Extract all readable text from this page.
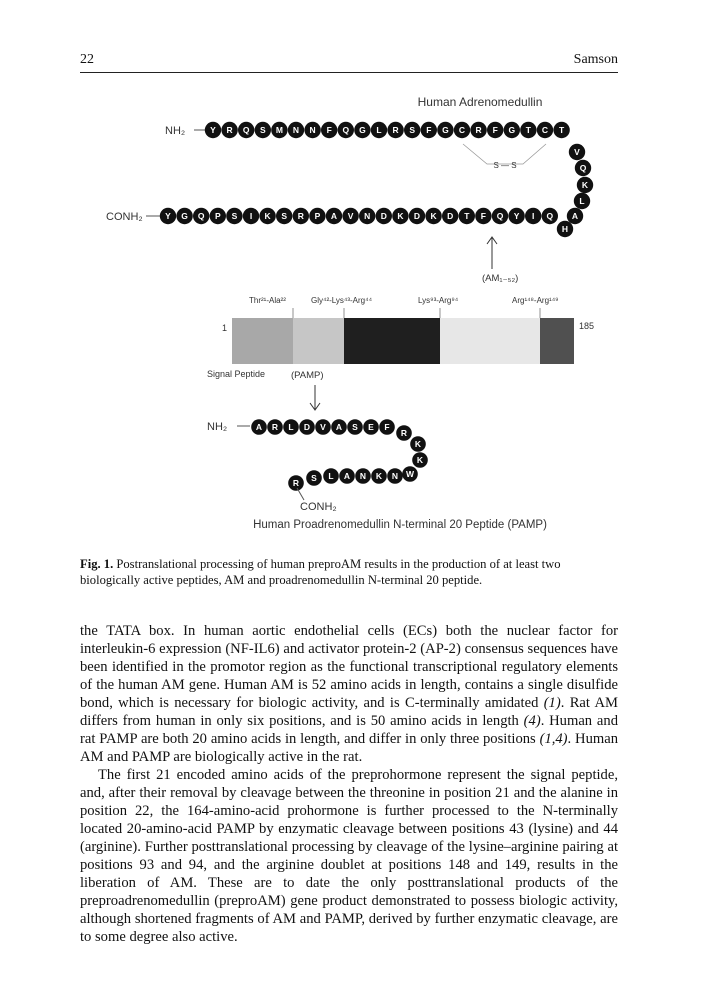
22	Samson
Human Adrenomedullin
NH₂	Y R Q S M N N F Q G L R S F G C R F G T C T
V
Q
K
L
A
H
S — S
CONH₂	Y G Q P S I K S R P A V N D K D K D T F Q Y I Q
(AM₁₋₅₂)
Thr²¹-Ala²²	Gly⁴²-Lys⁴³-Arg⁴⁴	Lys⁹³-Arg⁹⁴	Arg¹⁴⁸-Arg¹⁴⁹
1	185
Signal Peptide	(PAMP)
NH₂	A R L D V A S E F
R
K
K
W
R S L A N K N
CONH₂
Human Proadrenomedullin N-terminal 20 Peptide (PAMP)
Fig. 1. Postranslational processing of human preproAM results in the production of at least two biologically active peptides, AM and proadrenomedullin N-terminal 20 peptide.

the TATA box. In human aortic endothelial cells (ECs) both the nuclear factor for interleukin-6 expression (NF-IL6) and activator protein-2 (AP-2) consensus sequences have been identified in the promotor region as the functional transcriptional regulatory elements of the human AM gene. Human AM is 52 amino acids in length, contains a single disulfide bond, which is necessary for biologic activity, and is C-terminally amidated (1). Rat AM differs from human in only six positions, and is 50 amino acids in length (4). Human and rat PAMP are both 20 amino acids in length, and differ in only three positions (1,4). Human AM and PAMP are biologically active in the rat.

The first 21 encoded amino acids of the preprohormone represent the signal peptide, and, after their removal by cleavage between the threonine in position 21 and the alanine in position 22, the 164-amino-acid prohormone is further processed to the N-terminally located 20-amino-acid PAMP by enzymatic cleavage between positions 43 (lysine) and 44 (arginine). Further posttranslational processing by cleavage of the lysine–arginine pairing at positions 93 and 94, and the arginine doublet at positions 148 and 149, results in the liberation of AM. These are to date the only posttranslational products of the preproadrenomedullin (preproAM) gene product demonstrated to possess biologic activity, although shortened fragments of AM and PAMP, derived by further enzymatic cleavage, are to some degree also active.
